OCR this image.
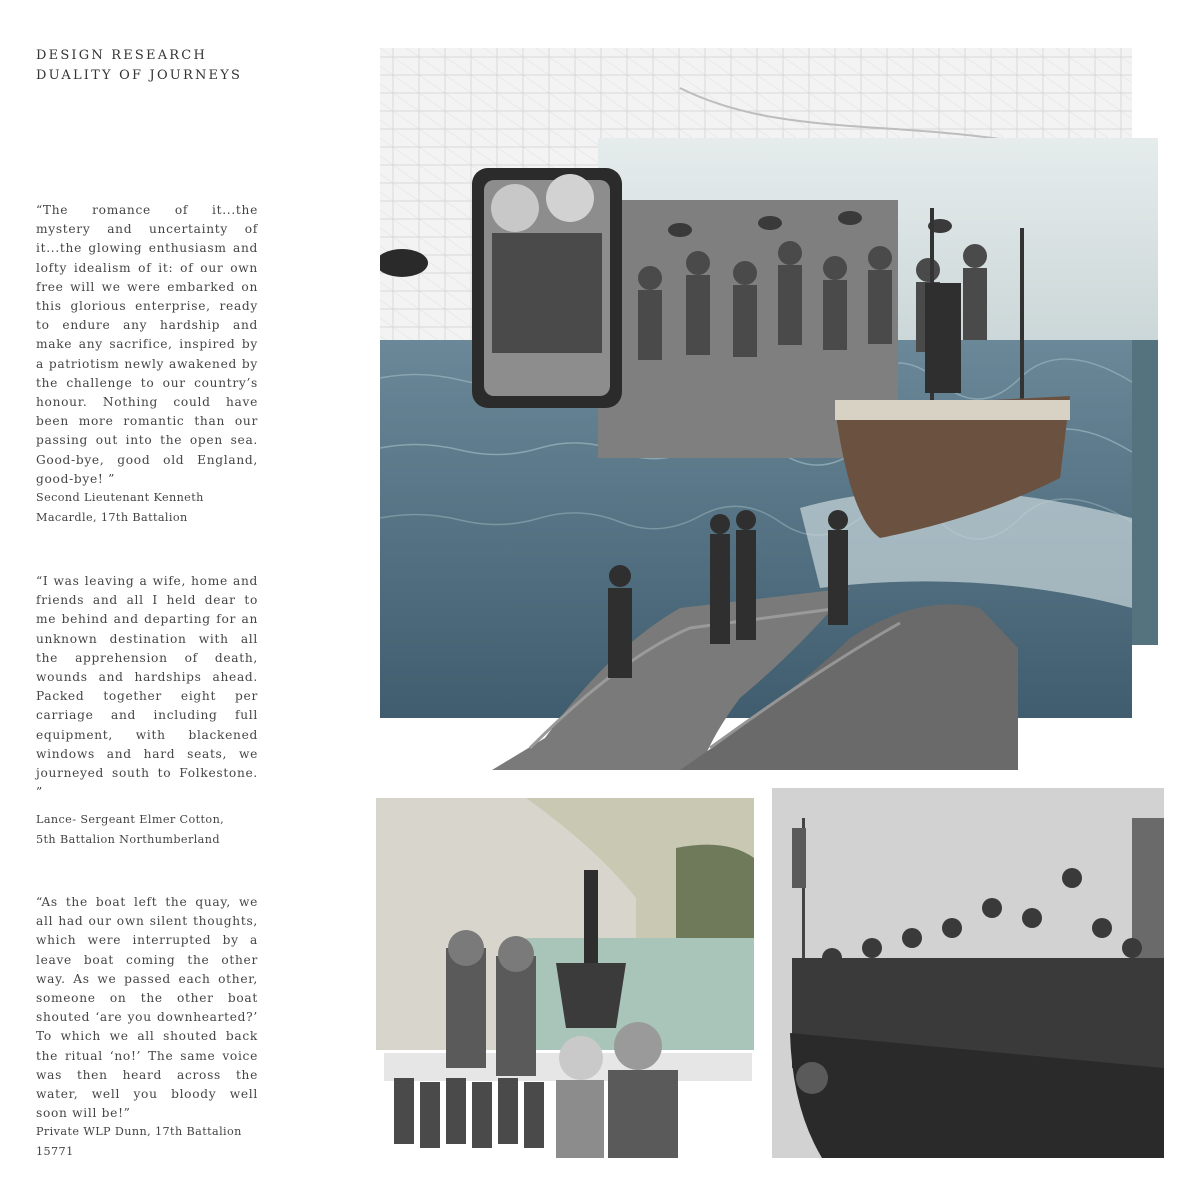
DESIGN RESEARCH
DUALITY OF JOURNEYS
“The romance of it...the mystery and uncertainty of it...the glowing enthusiasm and lofty idealism of it: of our own free will we were embarked on this glorious enterprise, ready to endure any hardship and make any sacrifice, inspired by a patriotism newly awakened by the challenge to our country’s honour. Nothing could have been more romantic than our passing out into the open sea. Good-bye, good old England, good-bye! ”
Second Lieutenant Kenneth
Macardle, 17th Battalion
“I was leaving a wife, home and friends and all I held dear to me behind and departing for an unknown destination with all the apprehension of death, wounds and hardships ahead. Packed together eight per carriage and including full equipment, with blackened windows and hard seats, we journeyed south to Folkestone. ”
Lance- Sergeant Elmer Cotton,
5th Battalion Northumberland
“As the boat left the quay, we all had our own silent thoughts, which were interrupted by a leave boat coming the other way. As we passed each other, someone on the other boat shouted ‘are you downhearted?’ To which we all shouted back the ritual ‘no!’ The same voice was then heard across the water, well you bloody well soon will be!”
Private WLP Dunn, 17th Battalion
15771
